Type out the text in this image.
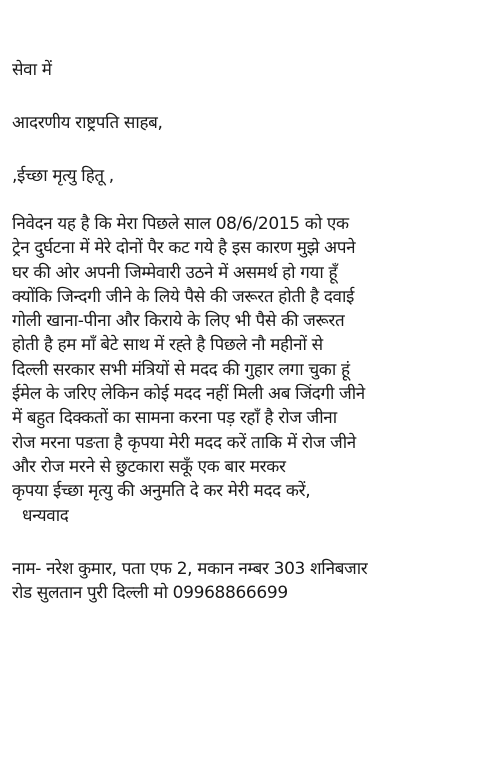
सेवा में
आदरणीय राष्ट्रपति साहब,
,ईच्छा मृत्यु हितू ,
निवेदन यह है कि मेरा पिछले साल 08/6/2015 को एक
ट्रेन दुर्घटना में मेरे दोनों पैर कट गये है इस कारण मुझे अपने
घर की ओर अपनी जिम्मेवारी उठने में असमर्थ हो गया हूँ
क्योंकि जिन्दगी जीने के लिये पैसे की जरूरत होती है दवाई
गोली खाना-पीना और किराये के लिए भी पैसे की जरूरत
होती है हम माँ बेटे साथ में रह्ते है पिछले नौ महीनों से
दिल्ली सरकार सभी मंत्रियों से मदद की गुहार लगा चुका हूं
ईमेल के जरिए लेकिन कोई मदद नहीं मिली अब जिंदगी जीने
में बहुत दिक्कतों का सामना करना पड़ रहाँ है रोज जीना
रोज मरना पङता है कृपया मेरी मदद करें ताकि में रोज जीने
और रोज मरने से छुटकारा सकूँ एक बार मरकर
कृपया ईच्छा मृत्यु की अनुमति दे कर मेरी मदद करें,
धन्यवाद
नाम- नरेश कुमार, पता एफ 2, मकान नम्बर 303 शनिबजार
रोड सुलतान पुरी दिल्ली मो 09968866699
